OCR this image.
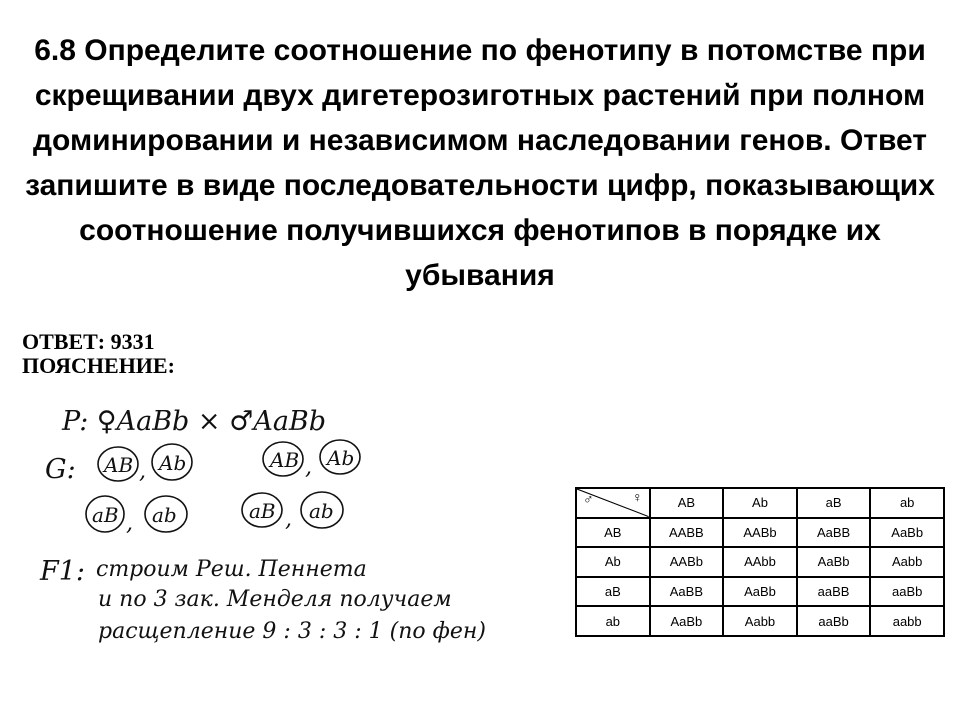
6.8 Определите соотношение по фенотипу в потомстве при скрещивании двух дигетерозиготных растений при полном доминировании и независимом наследовании генов. Ответ запишите в виде последовательности цифр, показывающих соотношение получившихся фенотипов в порядке их убывания
ОТВЕТ: 9331
ПОЯСНЕНИЕ:
P: ♀AaBb × ♂AaBb
G: AB , Ab
aB , ab
AB , Ab
aB , ab
F1: строим Реш. Пеннета
и по 3 зак. Менделя получаем
расщепление 9 : 3 : 3 : 1 (по фен)
♂ ♀	AB	Ab	aB	ab
AB	AABB	AABb	AaBB	AaBb
Ab	AABb	AAbb	AaBb	Aabb
aB	AaBB	AaBb	aaBB	aaBb
ab	AaBb	Aabb	aaBb	aabb
